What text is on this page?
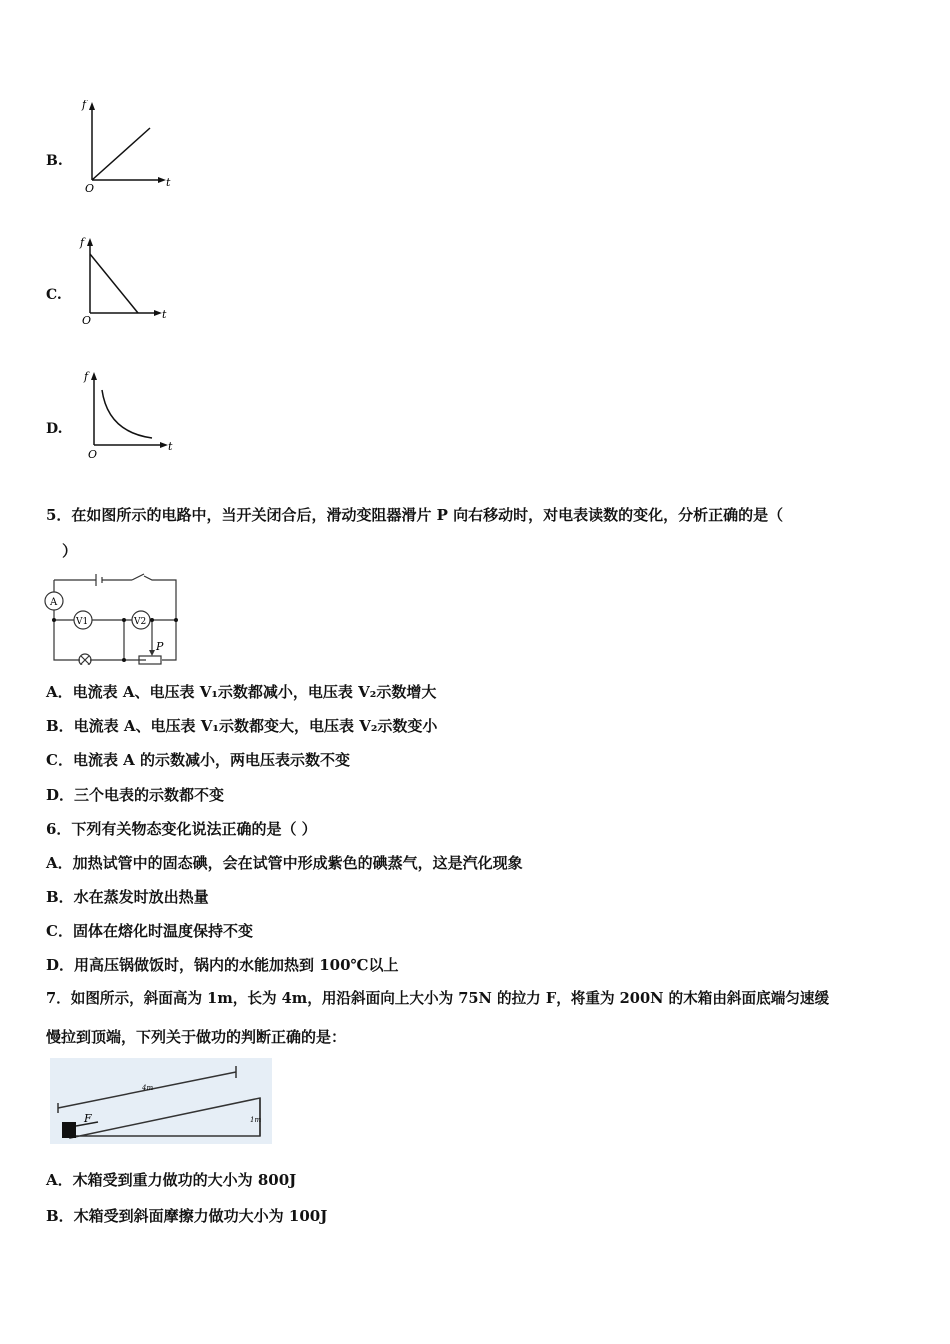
B.
f
t
O
C.
f
t
O
D.
f
t
O
5．在如图所示的电路中，当开关闭合后，滑动变阻器滑片 P 向右移动时，对电表读数的变化，分析正确的是（
）
A
V1	V2
P
A．电流表 A、电压表 V₁示数都减小，电压表 V₂示数增大
B．电流表 A、电压表 V₁示数都变大，电压表 V₂示数变小
C．电流表 A 的示数减小，两电压表示数不变
D．三个电表的示数都不变
6．下列有关物态变化说法正确的是（ ）
A．加热试管中的固态碘，会在试管中形成紫色的碘蒸气，这是汽化现象
B．水在蒸发时放出热量
C．固体在熔化时温度保持不变
D．用高压锅做饭时，锅内的水能加热到 100℃以上
7．如图所示，斜面高为 1m，长为 4m，用沿斜面向上大小为 75N 的拉力 F，将重为 200N 的木箱由斜面底端匀速缓
慢拉到顶端，下列关于做功的判断正确的是：
4m
1m
F
A．木箱受到重力做功的大小为 800J
B．木箱受到斜面摩擦力做功大小为 100J
